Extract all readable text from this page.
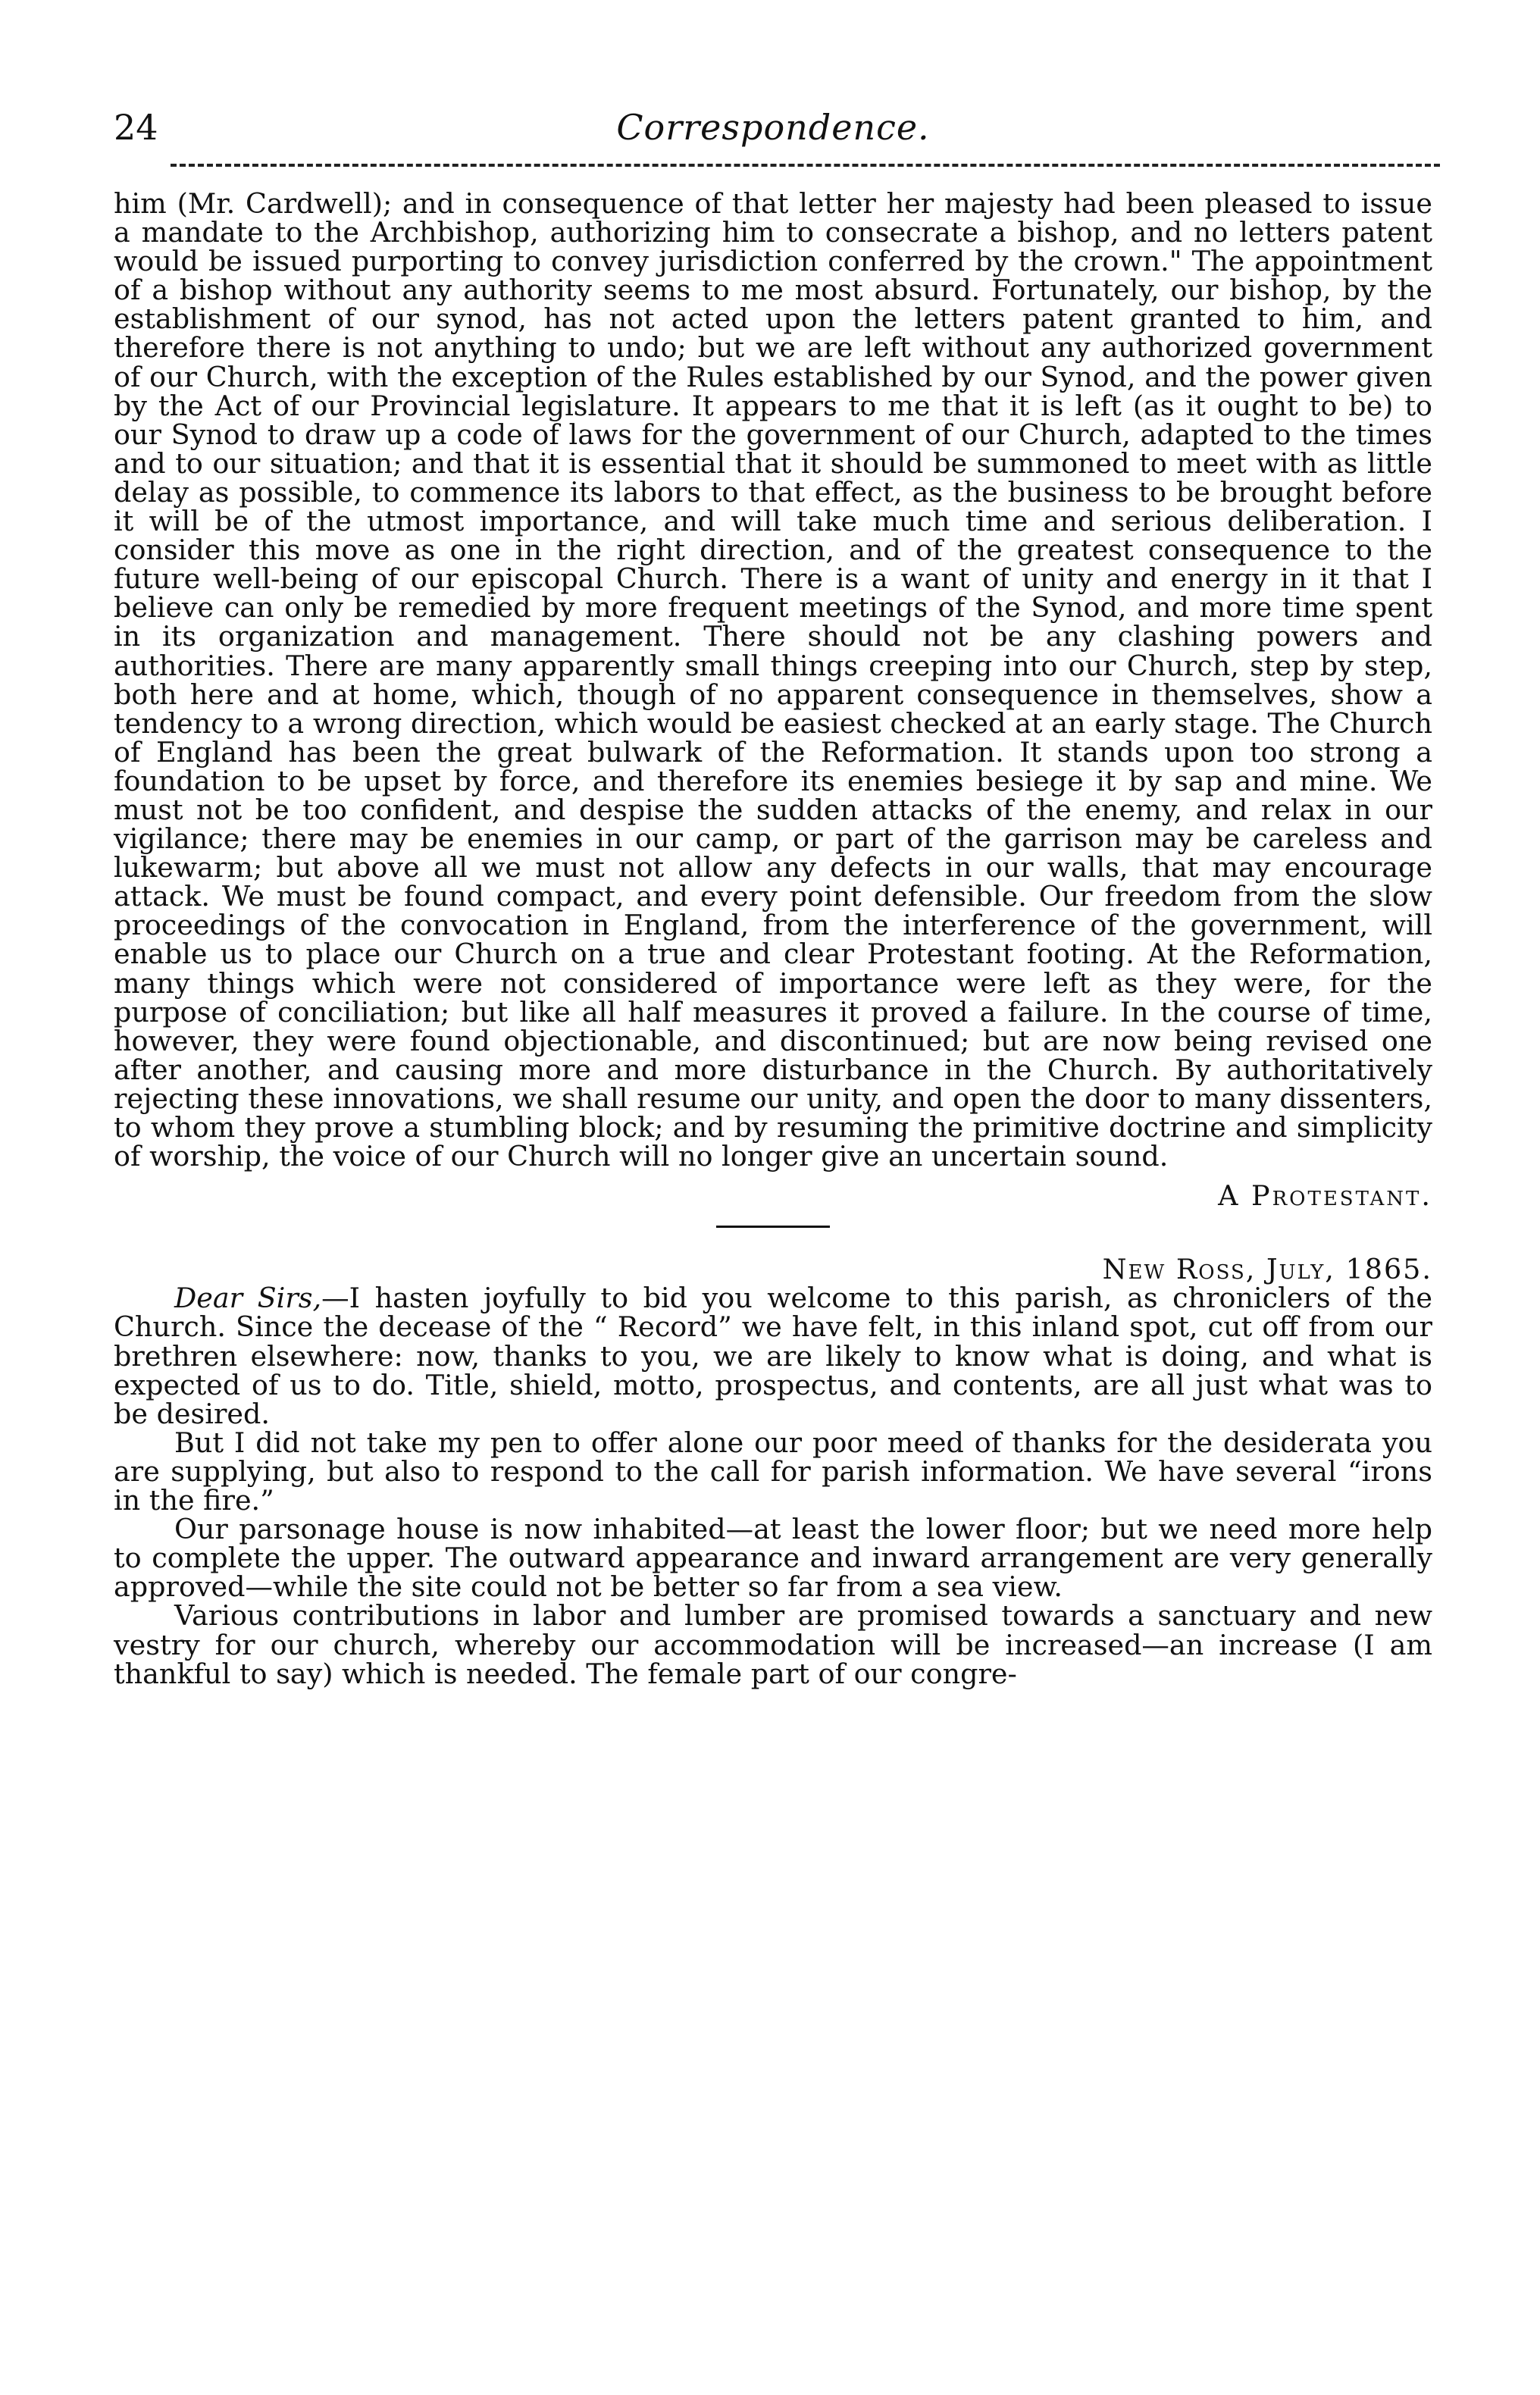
24	Correspondence.

him (Mr. Cardwell); and in consequence of that letter her majesty had been pleased to issue a mandate to the Archbishop, authorizing him to consecrate a bishop, and no letters patent would be issued purporting to convey jurisdiction conferred by the crown." The appointment of a bishop without any authority seems to me most absurd. Fortunately, our bishop, by the establishment of our synod, has not acted upon the letters patent granted to him, and therefore there is not anything to undo; but we are left without any authorized government of our Church, with the exception of the Rules established by our Synod, and the power given by the Act of our Provincial legislature. It appears to me that it is left (as it ought to be) to our Synod to draw up a code of laws for the government of our Church, adapted to the times and to our situation; and that it is essential that it should be summoned to meet with as little delay as possible, to commence its labors to that effect, as the business to be brought before it will be of the utmost importance, and will take much time and serious deliberation. I consider this move as one in the right direction, and of the greatest consequence to the future well-being of our episcopal Church. There is a want of unity and energy in it that I believe can only be remedied by more frequent meetings of the Synod, and more time spent in its organization and management. There should not be any clashing powers and authorities. There are many apparently small things creeping into our Church, step by step, both here and at home, which, though of no apparent consequence in themselves, show a tendency to a wrong direction, which would be easiest checked at an early stage. The Church of England has been the great bulwark of the Reformation. It stands upon too strong a foundation to be upset by force, and therefore its enemies besiege it by sap and mine. We must not be too confident, and despise the sudden attacks of the enemy, and relax in our vigilance; there may be enemies in our camp, or part of the garrison may be careless and lukewarm; but above all we must not allow any defects in our walls, that may encourage attack. We must be found compact, and every point defensible. Our freedom from the slow proceedings of the convocation in England, from the interference of the government, will enable us to place our Church on a true and clear Protestant footing. At the Reformation, many things which were not considered of importance were left as they were, for the purpose of conciliation; but like all half measures it proved a failure. In the course of time, however, they were found objectionable, and discontinued; but are now being revised one after another, and causing more and more disturbance in the Church. By authoritatively rejecting these innovations, we shall resume our unity, and open the door to many dissenters, to whom they prove a stumbling block; and by resuming the primitive doctrine and simplicity of worship, the voice of our Church will no longer give an uncertain sound.

A Protestant.

New Ross, July, 1865.

Dear Sirs,—I hasten joyfully to bid you welcome to this parish, as chroniclers of the Church. Since the decease of the “ Record” we have felt, in this inland spot, cut off from our brethren elsewhere: now, thanks to you, we are likely to know what is doing, and what is expected of us to do. Title, shield, motto, prospectus, and contents, are all just what was to be desired.

But I did not take my pen to offer alone our poor meed of thanks for the desiderata you are supplying, but also to respond to the call for parish information. We have several “irons in the fire.”

Our parsonage house is now inhabited—at least the lower floor; but we need more help to complete the upper. The outward appearance and inward arrangement are very generally approved—while the site could not be better so far from a sea view.

Various contributions in labor and lumber are promised towards a sanctuary and new vestry for our church, whereby our accommodation will be increased—an increase (I am thankful to say) which is needed. The female part of our congre-
